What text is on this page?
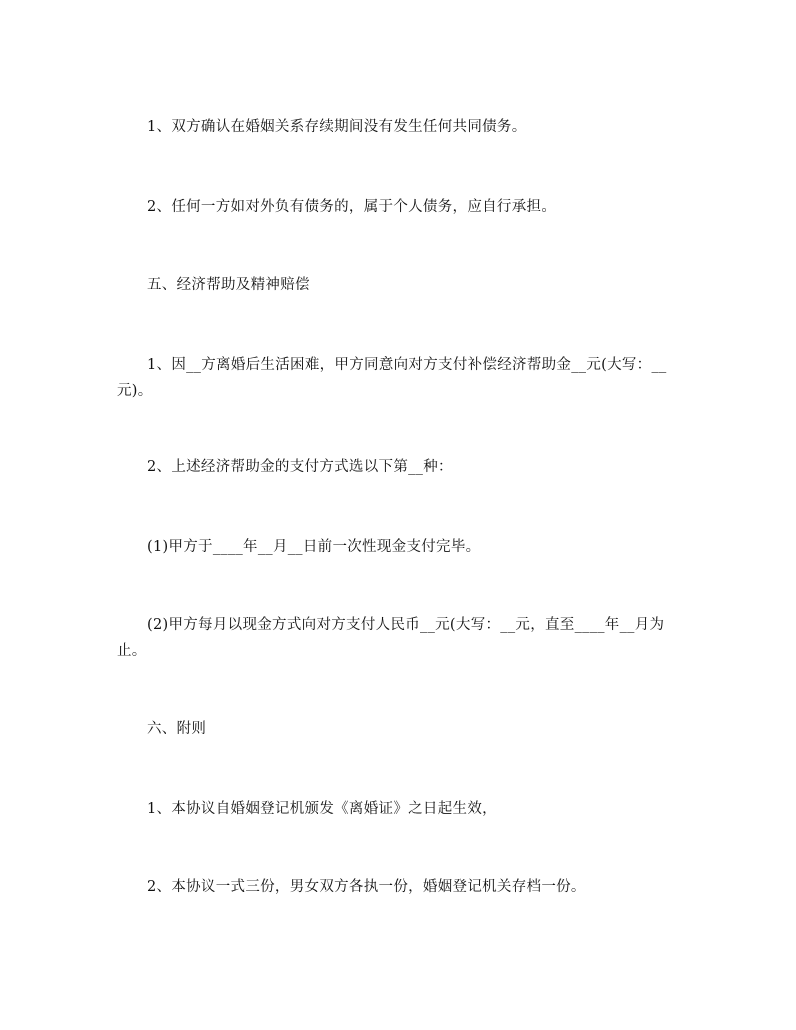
1、双方确认在婚姻关系存续期间没有发生任何共同债务。
2、任何一方如对外负有债务的，属于个人债务，应自行承担。
五、经济帮助及精神赔偿
1、因__方离婚后生活困难，甲方同意向对方支付补偿经济帮助金__元(大写：__元)。
2、上述经济帮助金的支付方式选以下第__种：
(1)甲方于____年__月__日前一次性现金支付完毕。
(2)甲方每月以现金方式向对方支付人民币__元(大写：__元，直至____年__月为止。
六、附则
1、本协议自婚姻登记机颁发《离婚证》之日起生效，
2、本协议一式三份，男女双方各执一份，婚姻登记机关存档一份。
